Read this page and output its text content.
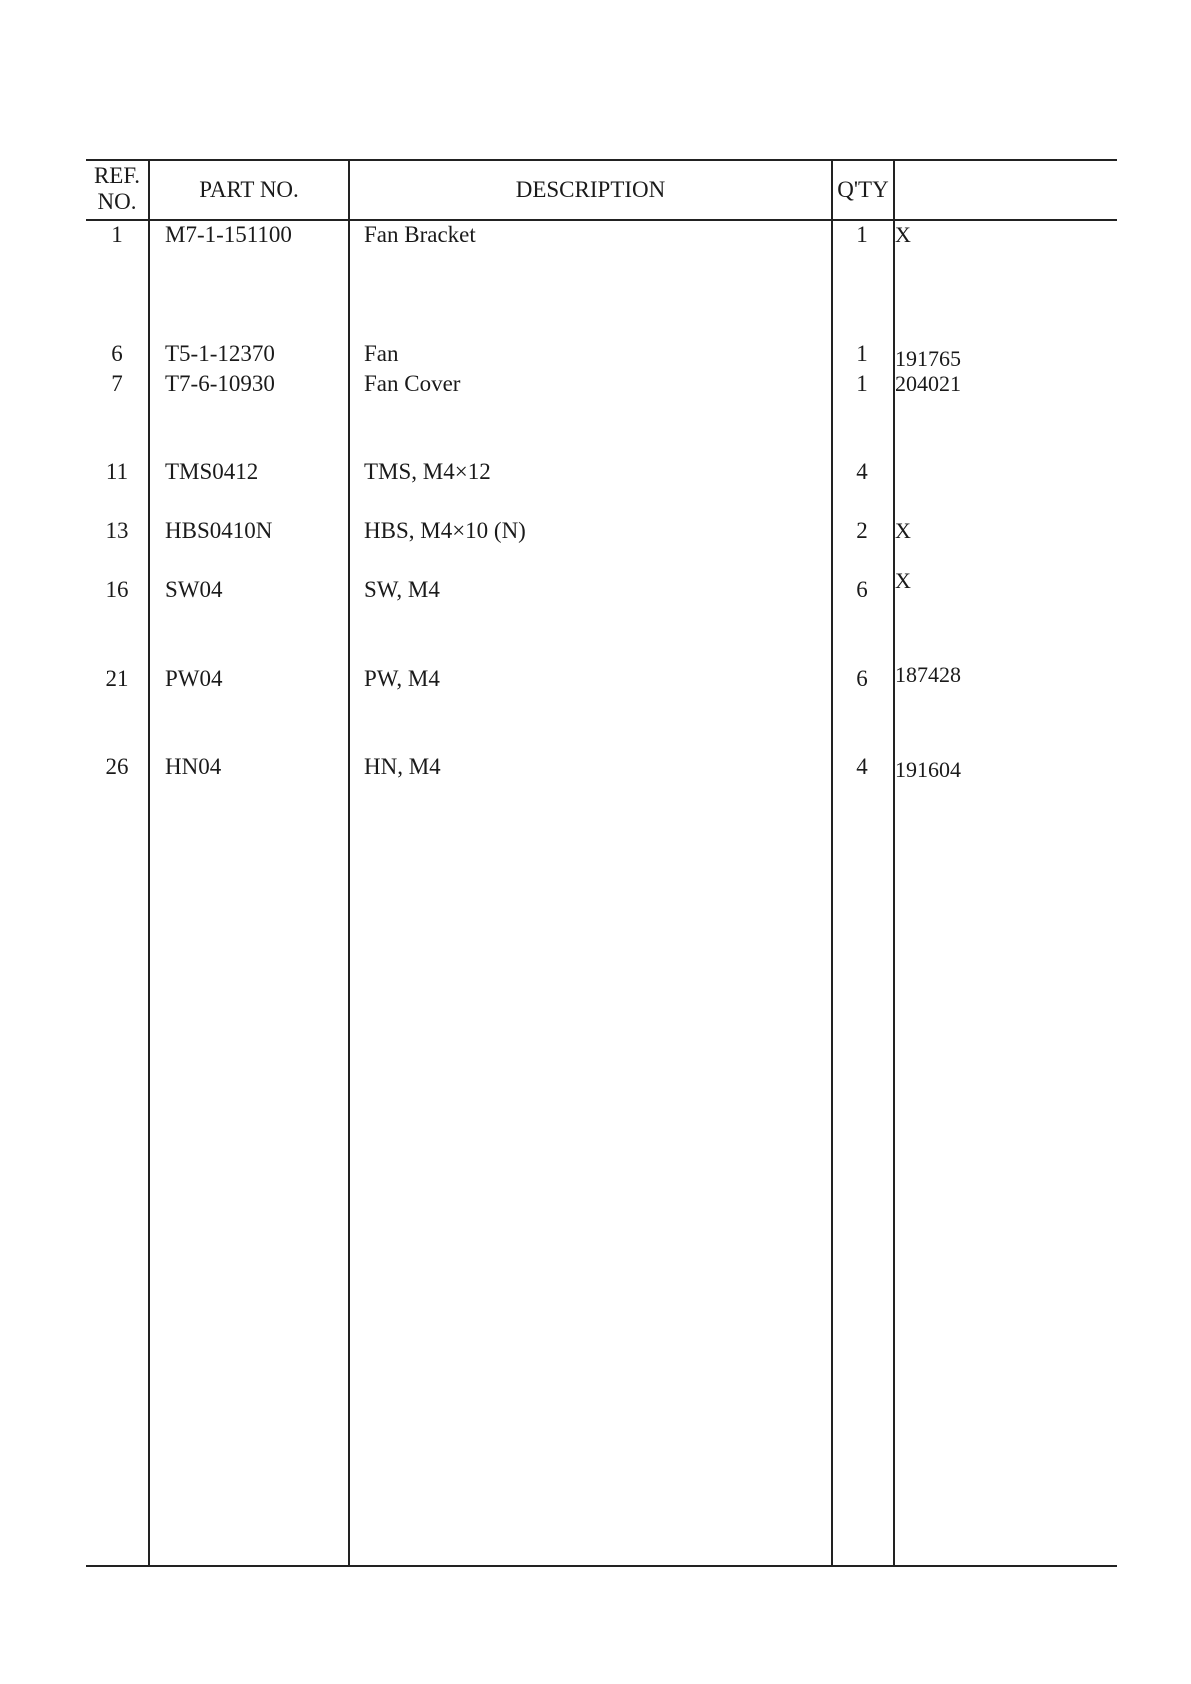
REF.
NO.	PART NO.	DESCRIPTION	Q'TY
1	M7-1-151100	Fan Bracket	1	X
6	T5-1-12370	Fan	1	191765
7	T7-6-10930	Fan Cover	1	204021
11	TMS0412	TMS, M4×12	4
13	HBS0410N	HBS, M4×10 (N)	2	X
16	SW04	SW, M4	6	X
21	PW04	PW, M4	6	187428
26	HN04	HN, M4	4	191604
